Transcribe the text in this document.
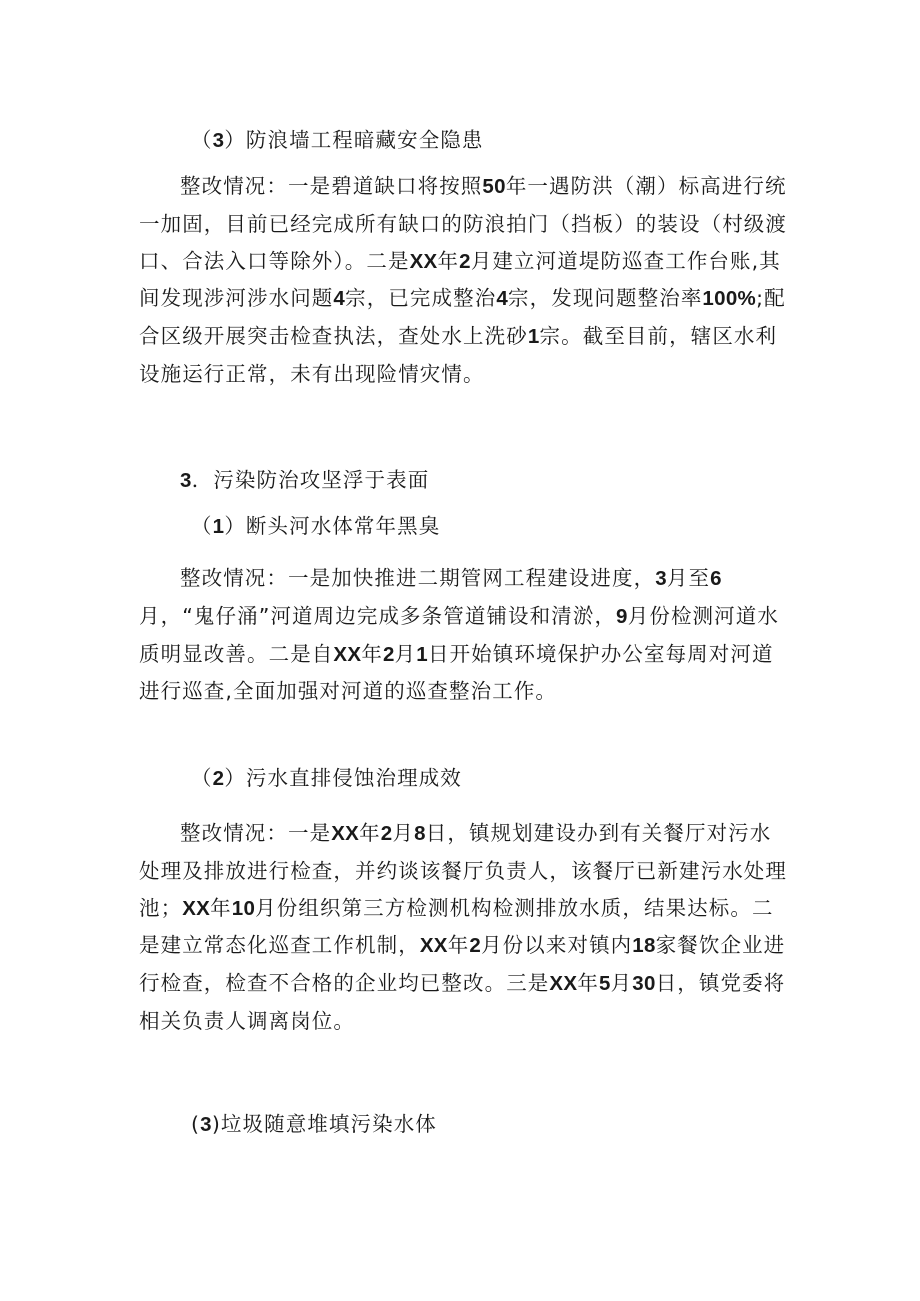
（3）防浪墙工程暗藏安全隐患

整改情况：一是碧道缺口将按照50年一遇防洪（潮）标高进行统一加固，目前已经完成所有缺口的防浪拍门（挡板）的装设（村级渡口、合法入口等除外）。二是XX年2月建立河道堤防巡查工作台账,其间发现涉河涉水问题4宗，已完成整治4宗，发现问题整治率100%;配合区级开展突击检查执法，查处水上洗砂1宗。截至目前，辖区水利设施运行正常，未有出现险情灾情。

3．污染防治攻坚浮于表面

（1）断头河水体常年黑臭

整改情况：一是加快推进二期管网工程建设进度，3月至6月，“鬼仔涌”河道周边完成多条管道铺设和清淤，9月份检测河道水质明显改善。二是自XX年2月1日开始镇环境保护办公室每周对河道进行巡查,全面加强对河道的巡查整治工作。

（2）污水直排侵蚀治理成效

整改情况：一是XX年2月8日，镇规划建设办到有关餐厅对污水处理及排放进行检查，并约谈该餐厅负责人，该餐厅已新建污水处理池；XX年10月份组织第三方检测机构检测排放水质，结果达标。二是建立常态化巡查工作机制，XX年2月份以来对镇内18家餐饮企业进行检查，检查不合格的企业均已整改。三是XX年5月30日，镇党委将相关负责人调离岗位。

(3)垃圾随意堆填污染水体
